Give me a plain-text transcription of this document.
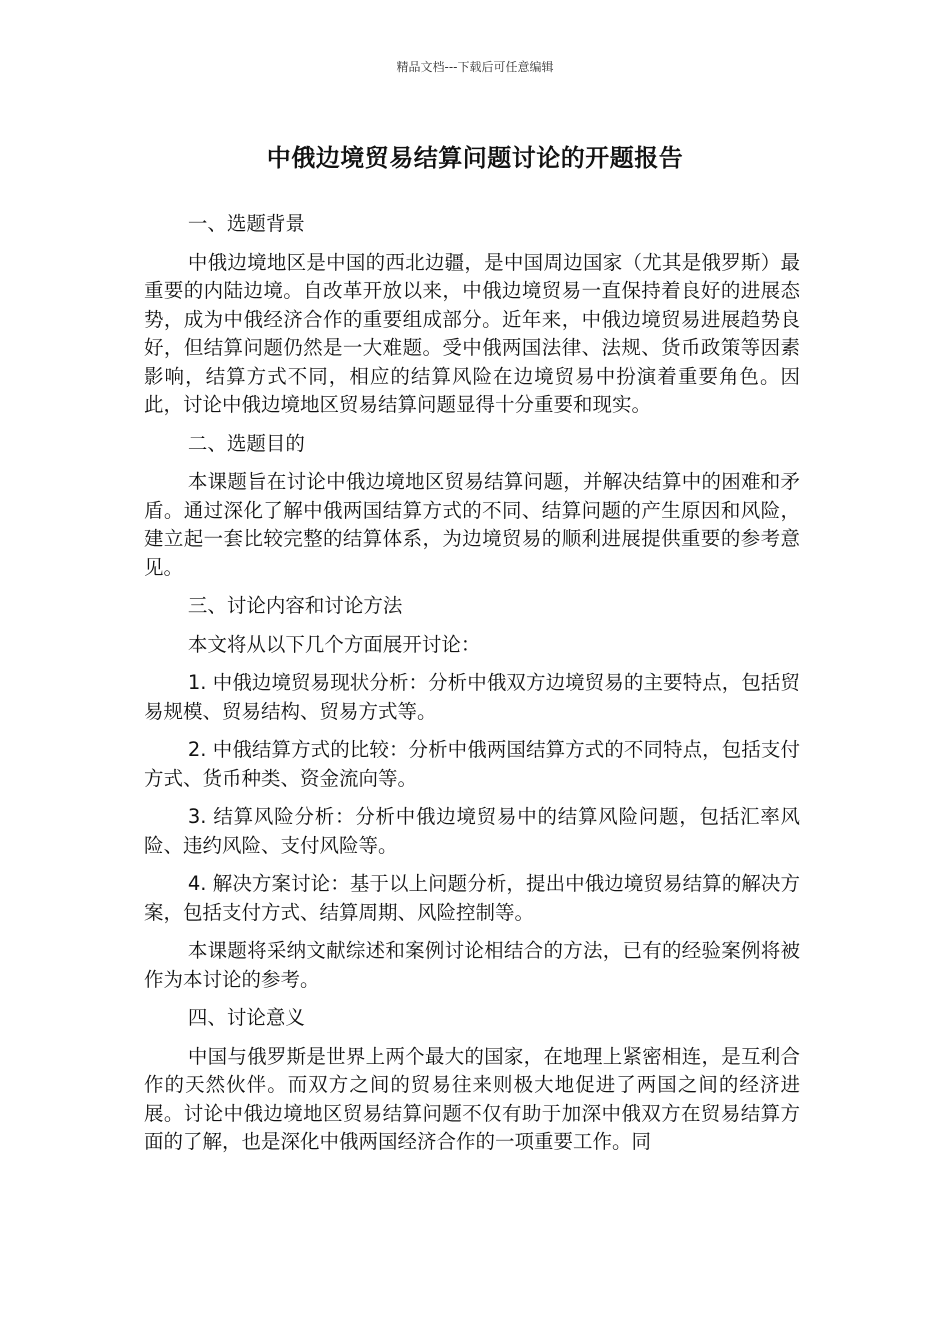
精品文档---下载后可任意编辑
中俄边境贸易结算问题讨论的开题报告
一、选题背景

中俄边境地区是中国的西北边疆，是中国周边国家（尤其是俄罗斯）最重要的内陆边境。自改革开放以来，中俄边境贸易一直保持着良好的进展态势，成为中俄经济合作的重要组成部分。近年来，中俄边境贸易进展趋势良好，但结算问题仍然是一大难题。受中俄两国法律、法规、货币政策等因素影响，结算方式不同，相应的结算风险在边境贸易中扮演着重要角色。因此，讨论中俄边境地区贸易结算问题显得十分重要和现实。

二、选题目的

本课题旨在讨论中俄边境地区贸易结算问题，并解决结算中的困难和矛盾。通过深化了解中俄两国结算方式的不同、结算问题的产生原因和风险，建立起一套比较完整的结算体系，为边境贸易的顺利进展提供重要的参考意见。

三、讨论内容和讨论方法

本文将从以下几个方面展开讨论：

1. 中俄边境贸易现状分析：分析中俄双方边境贸易的主要特点，包括贸易规模、贸易结构、贸易方式等。

2. 中俄结算方式的比较：分析中俄两国结算方式的不同特点，包括支付方式、货币种类、资金流向等。

3. 结算风险分析：分析中俄边境贸易中的结算风险问题，包括汇率风险、违约风险、支付风险等。

4. 解决方案讨论：基于以上问题分析，提出中俄边境贸易结算的解决方案，包括支付方式、结算周期、风险控制等。

本课题将采纳文献综述和案例讨论相结合的方法，已有的经验案例将被作为本讨论的参考。

四、讨论意义

中国与俄罗斯是世界上两个最大的国家，在地理上紧密相连，是互利合作的天然伙伴。而双方之间的贸易往来则极大地促进了两国之间的经济进展。讨论中俄边境地区贸易结算问题不仅有助于加深中俄双方在贸易结算方面的了解，也是深化中俄两国经济合作的一项重要工作。同
